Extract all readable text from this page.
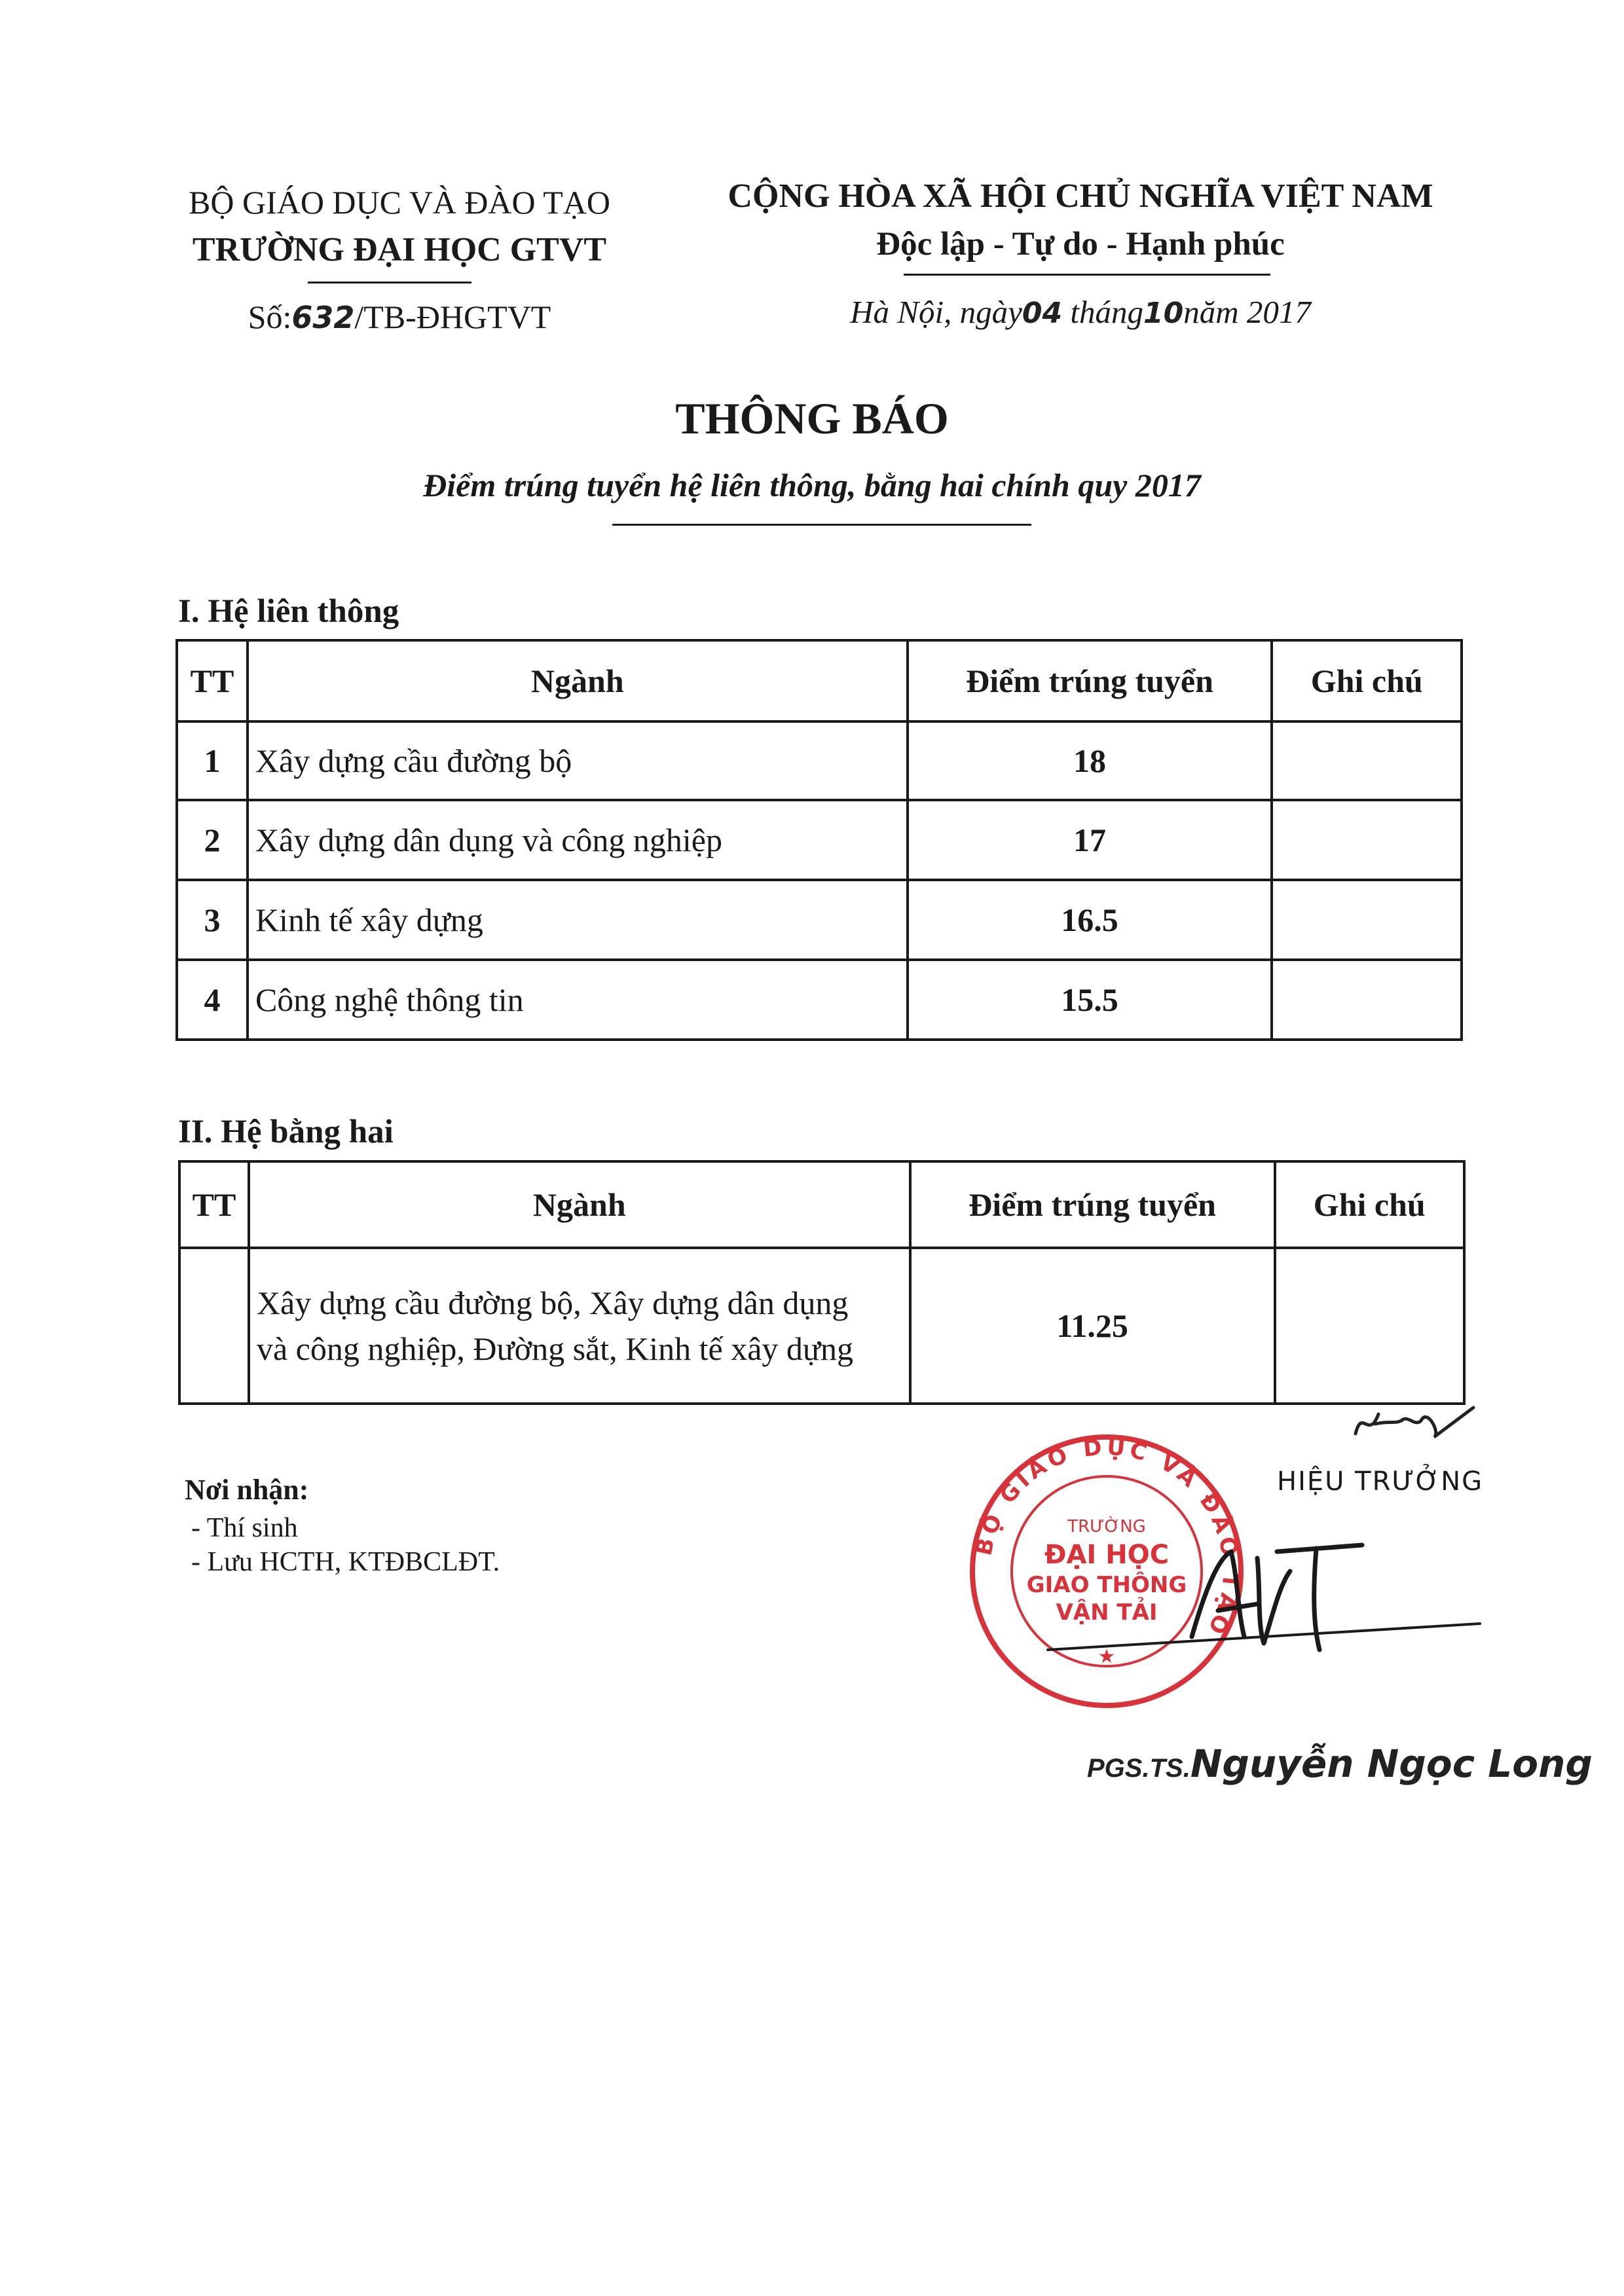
BỘ GIÁO DỤC VÀ ĐÀO TẠO
TRƯỜNG ĐẠI HỌC GTVT
Số:632/TB-ĐHGTVT
CỘNG HÒA XÃ HỘI CHỦ NGHĨA VIỆT NAM
Độc lập - Tự do - Hạnh phúc
Hà Nội, ngày04 tháng10năm 2017
THÔNG BÁO
Điểm trúng tuyển hệ liên thông, bằng hai chính quy 2017
I. Hệ liên thông
TT	Ngành	Điểm trúng tuyển	Ghi chú
1	Xây dựng cầu đường bộ	18	
2	Xây dựng dân dụng và công nghiệp	17	
3	Kinh tế xây dựng	16.5	
4	Công nghệ thông tin	15.5	
II. Hệ bằng hai
TT	Ngành	Điểm trúng tuyển	Ghi chú

	Xây dựng cầu đường bộ, Xây dựng dân dụng
và công nghiệp, Đường sắt, Kinh tế xây dựng	11.25	
Nơi nhận:
- Thí sinh
- Lưu HCTH, KTĐBCLĐT.
HIỆU TRƯỞNG
BỘ GIÁO DỤC VÀ ĐÀO TẠO
TRƯỜNG
ĐẠI HỌC
GIAO THÔNG
VẬN TẢI
★
PGS.TS.Nguyễn Ngọc Long
